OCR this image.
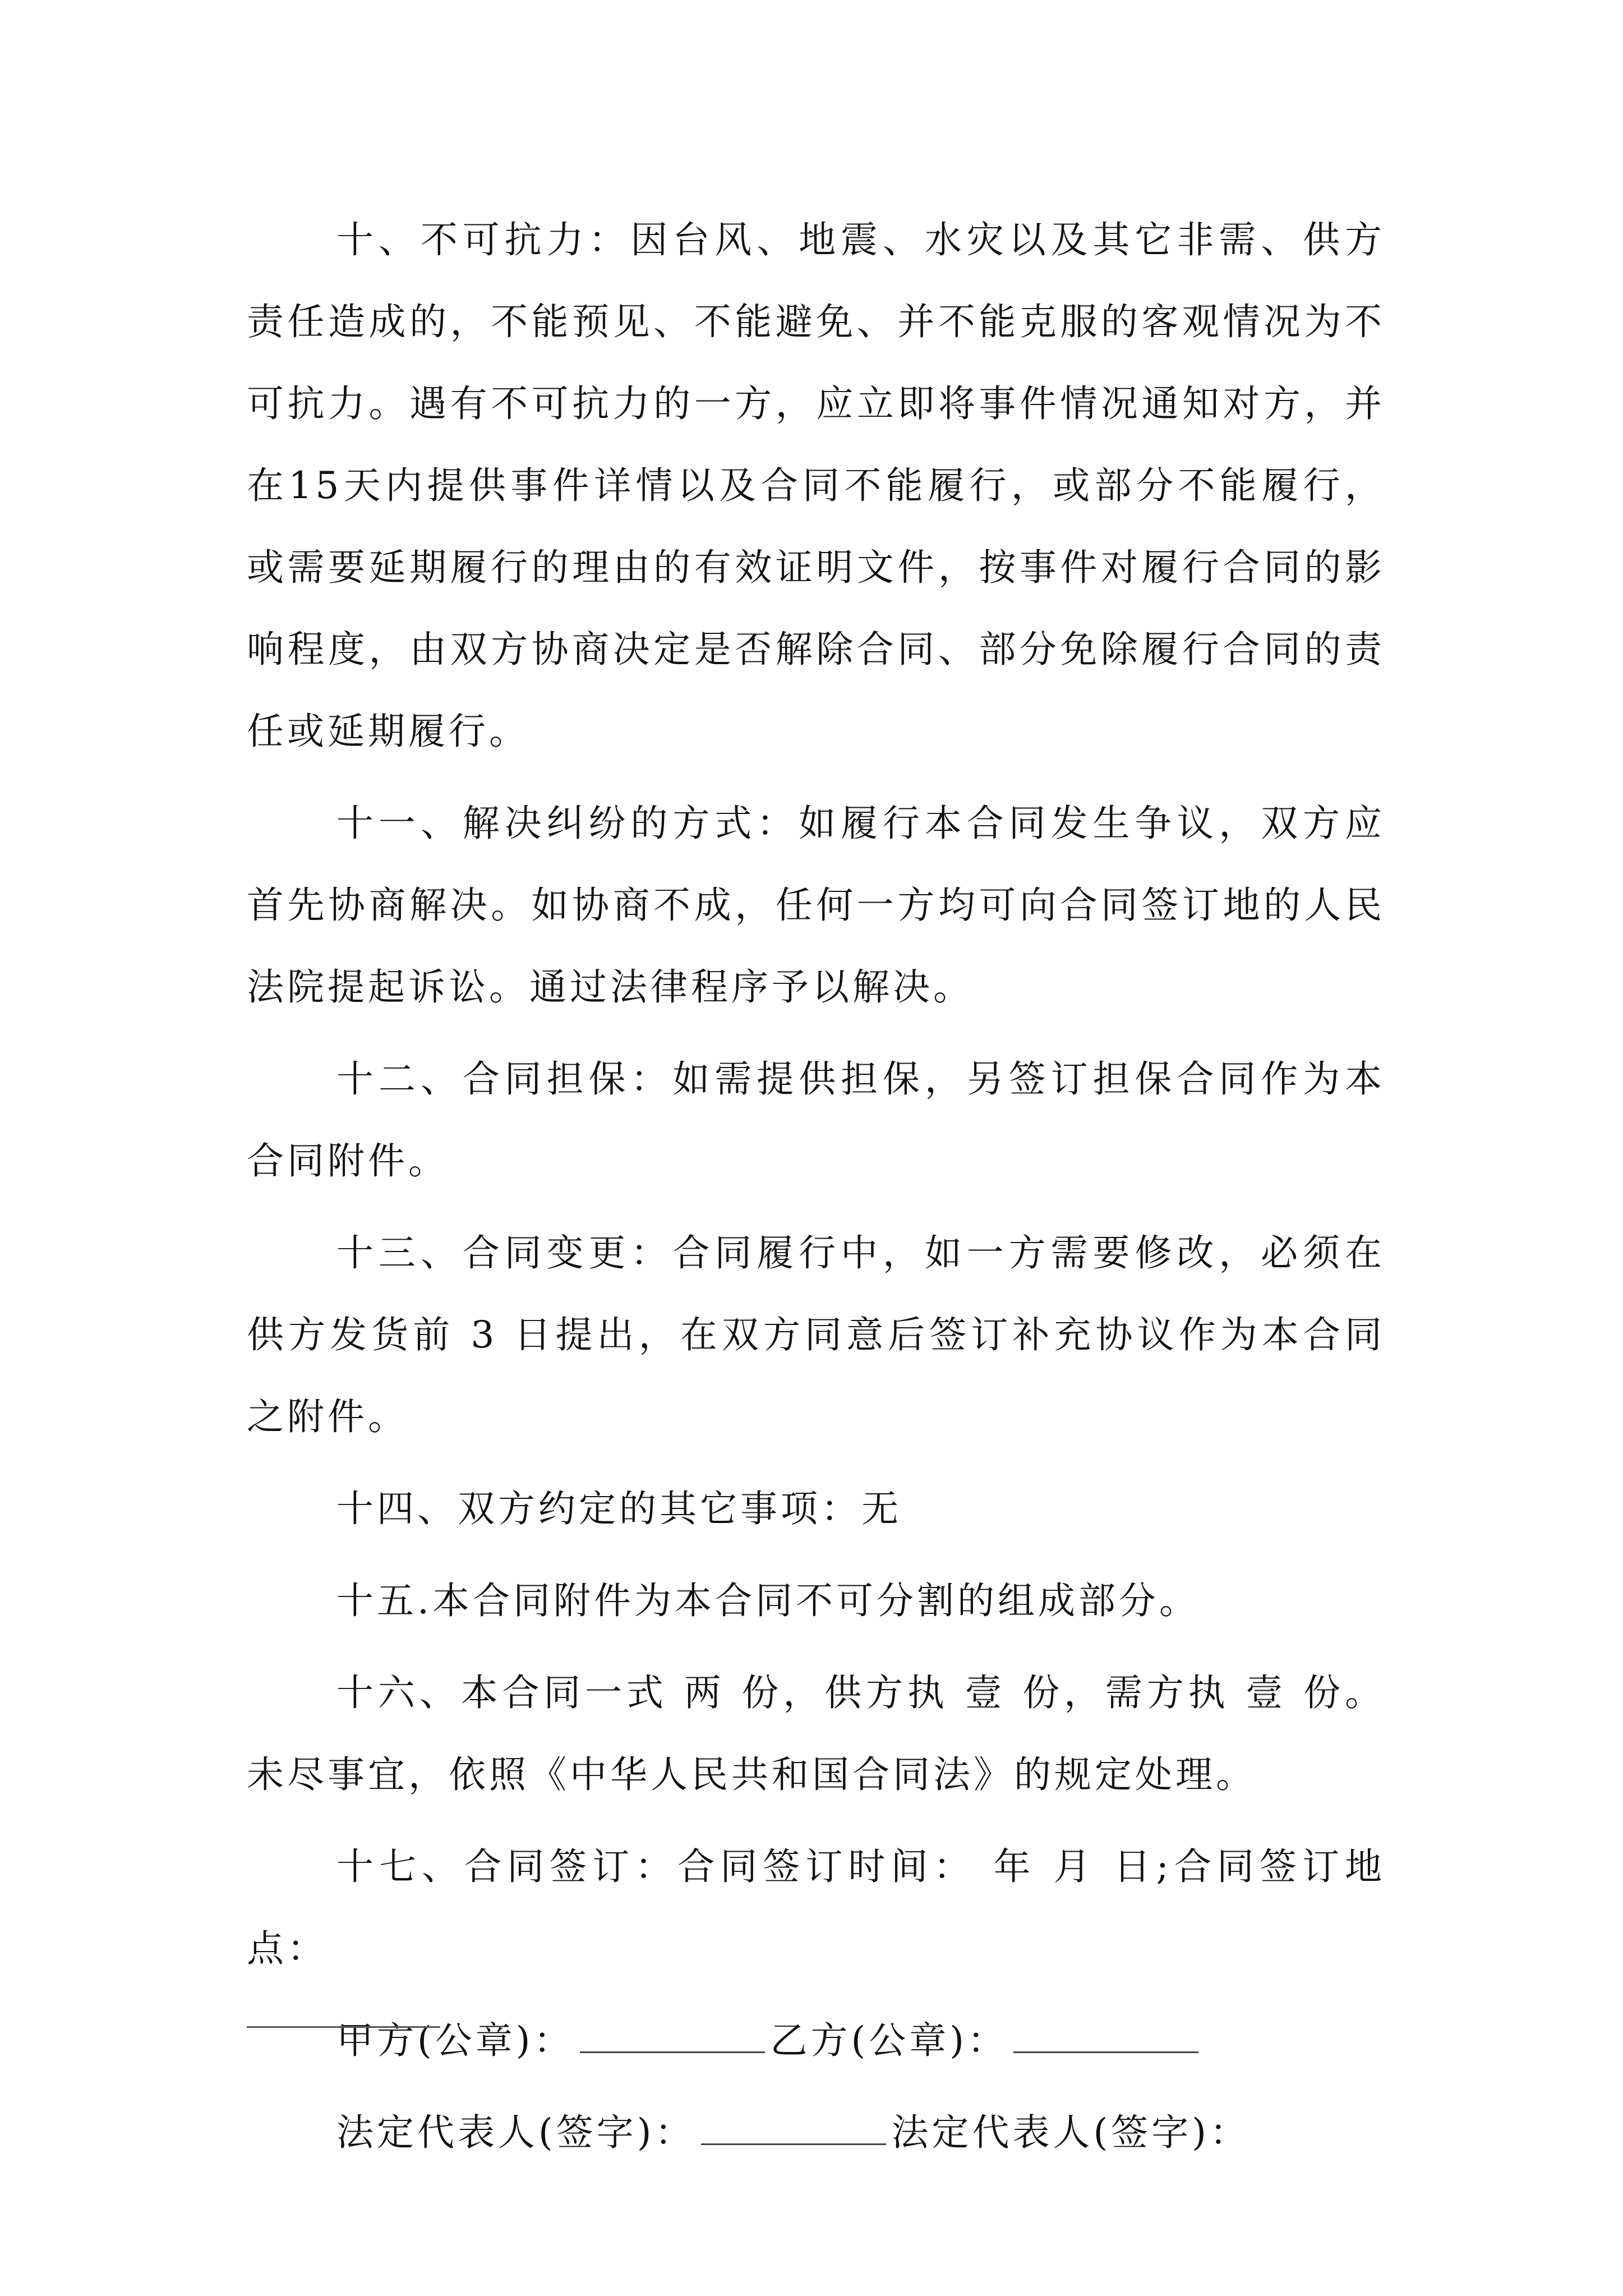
十、不可抗力：因台风、地震、水灾以及其它非需、供方责任造成的，不能预见、不能避免、并不能克服的客观情况为不可抗力。遇有不可抗力的一方，应立即将事件情况通知对方，并在15天内提供事件详情以及合同不能履行，或部分不能履行，或需要延期履行的理由的有效证明文件，按事件对履行合同的影响程度，由双方协商决定是否解除合同、部分免除履行合同的责任或延期履行。

十一、解决纠纷的方式：如履行本合同发生争议，双方应首先协商解决。如协商不成，任何一方均可向合同签订地的人民法院提起诉讼。通过法律程序予以解决。

十二、合同担保：如需提供担保，另签订担保合同作为本合同附件。

十三、合同变更：合同履行中，如一方需要修改，必须在供方发货前 3 日提出，在双方同意后签订补充协议作为本合同之附件。

十四、双方约定的其它事项：无

十五.本合同附件为本合同不可分割的组成部分。

十六、本合同一式 两 份，供方执 壹 份，需方执 壹 份。未尽事宜，依照《中华人民共和国合同法》的规定处理。

十七、合同签订：合同签订时间： 年 月 日;合同签订地点：

甲方(公章)：	乙方(公章)：
法定代表人(签字)：	法定代表人(签字)：
